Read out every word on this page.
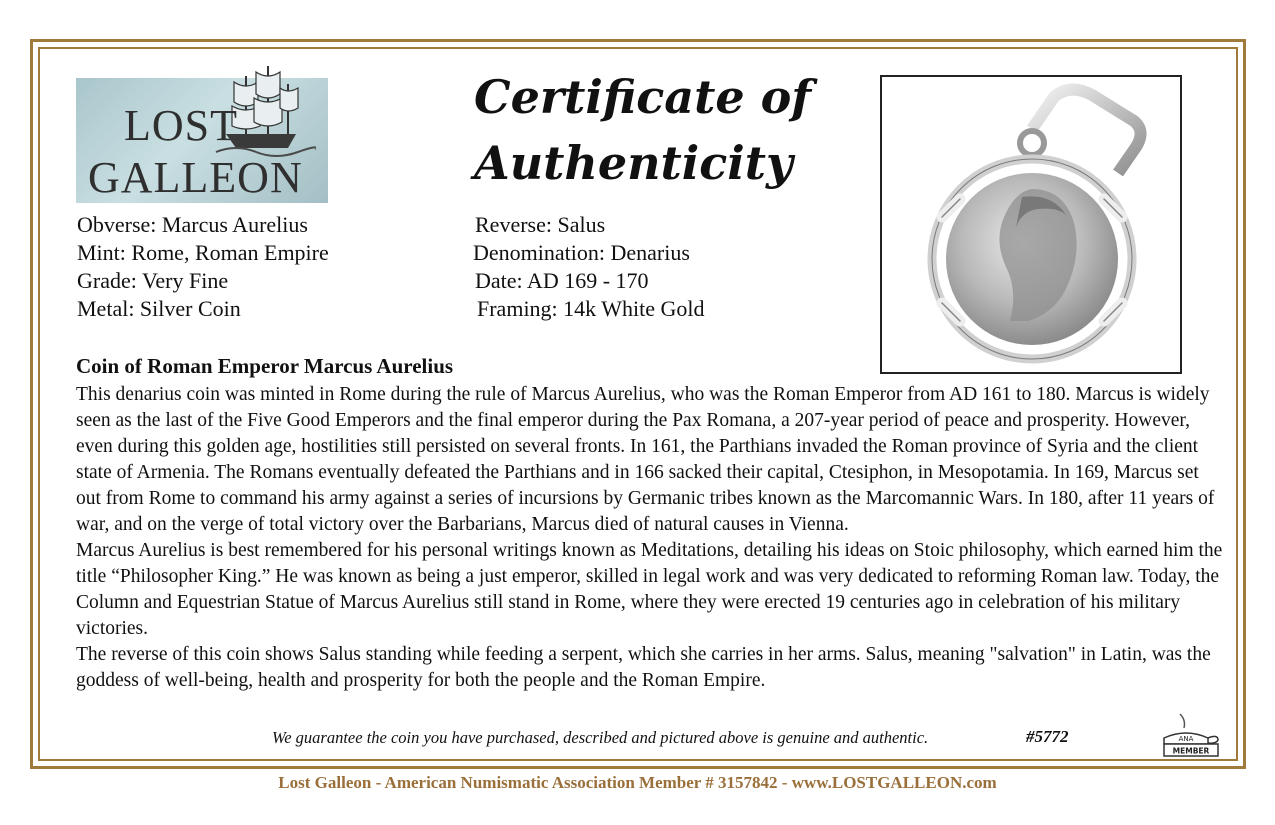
LOST
GALLEON
Certificate of
Authenticity
Obverse: Marcus Aurelius
Mint: Rome, Roman Empire
Grade: Very Fine
Metal: Silver Coin
Reverse: Salus
Denomination: Denarius
Date: AD 169 - 170
Framing: 14k White Gold
Coin of Roman Emperor Marcus Aurelius

This denarius coin was minted in Rome during the rule of Marcus Aurelius, who was the Roman Emperor from AD 161 to 180. Marcus is widely seen as the last of the Five Good Emperors and the final emperor during the Pax Romana, a 207-year period of peace and prosperity. However, even during this golden age, hostilities still persisted on several fronts. In 161, the Parthians invaded the Roman province of Syria and the client state of Armenia. The Romans eventually defeated the Parthians and in 166 sacked their capital, Ctesiphon, in Mesopotamia. In 169, Marcus set out from Rome to command his army against a series of incursions by Germanic tribes known as the Marcomannic Wars. In 180, after 11 years of war, and on the verge of total victory over the Barbarians, Marcus died of natural causes in Vienna.

Marcus Aurelius is best remembered for his personal writings known as Meditations, detailing his ideas on Stoic philosophy, which earned him the title “Philosopher King.” He was known as being a just emperor, skilled in legal work and was very dedicated to reforming Roman law. Today, the Column and Equestrian Statue of Marcus Aurelius still stand in Rome, where they were erected 19 centuries ago in celebration of his military victories.

The reverse of this coin shows Salus standing while feeding a serpent, which she carries in her arms. Salus, meaning "salvation" in Latin, was the goddess of well-being, health and prosperity for both the people and the Roman Empire.

We guarantee the coin you have purchased, described and pictured above is genuine and authentic.	#5772	ANA
MEMBER
Lost Galleon - American Numismatic Association Member # 3157842 - www.LOSTGALLEON.com
